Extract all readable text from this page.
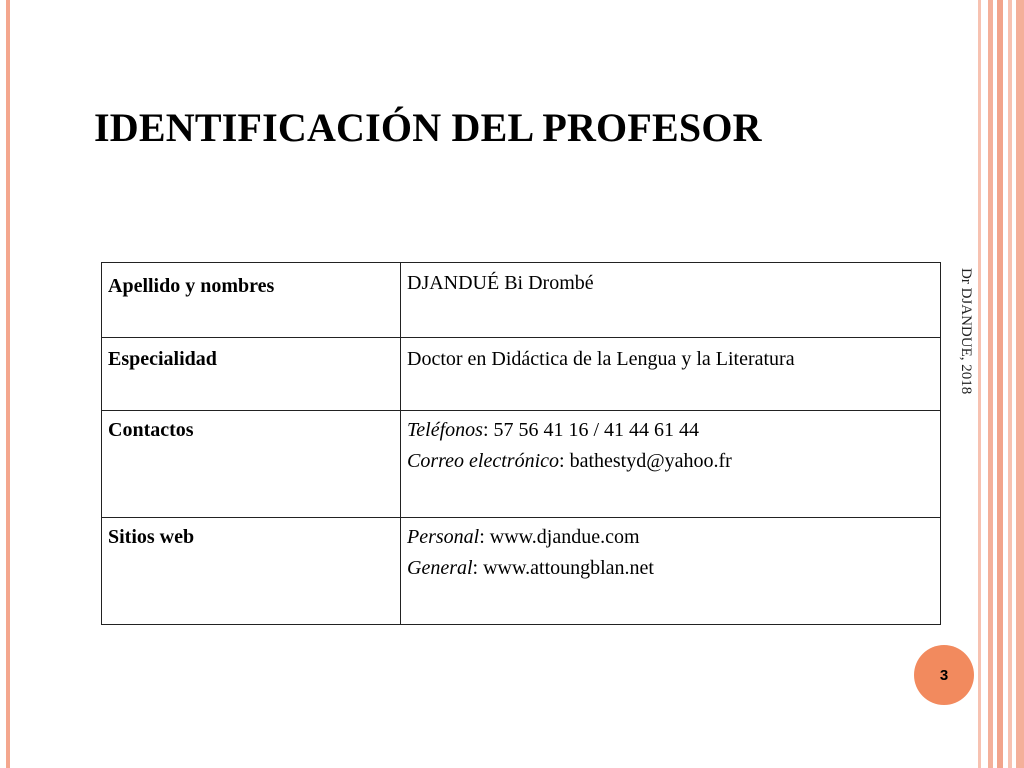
IDENTIFICACIÓN DEL PROFESOR
Apellido y nombres	DJANDUÉ Bi Drombé

Especialidad	Doctor en Didáctica de la Lengua y la Literatura

Contactos	Teléfonos: 57 56 41 16 / 41 44 61 44
Correo electrónico: bathestyd@yahoo.fr

Sitios web	Personal: www.djandue.com
General: www.attoungblan.net
Dr DJANDUE, 2018
3
